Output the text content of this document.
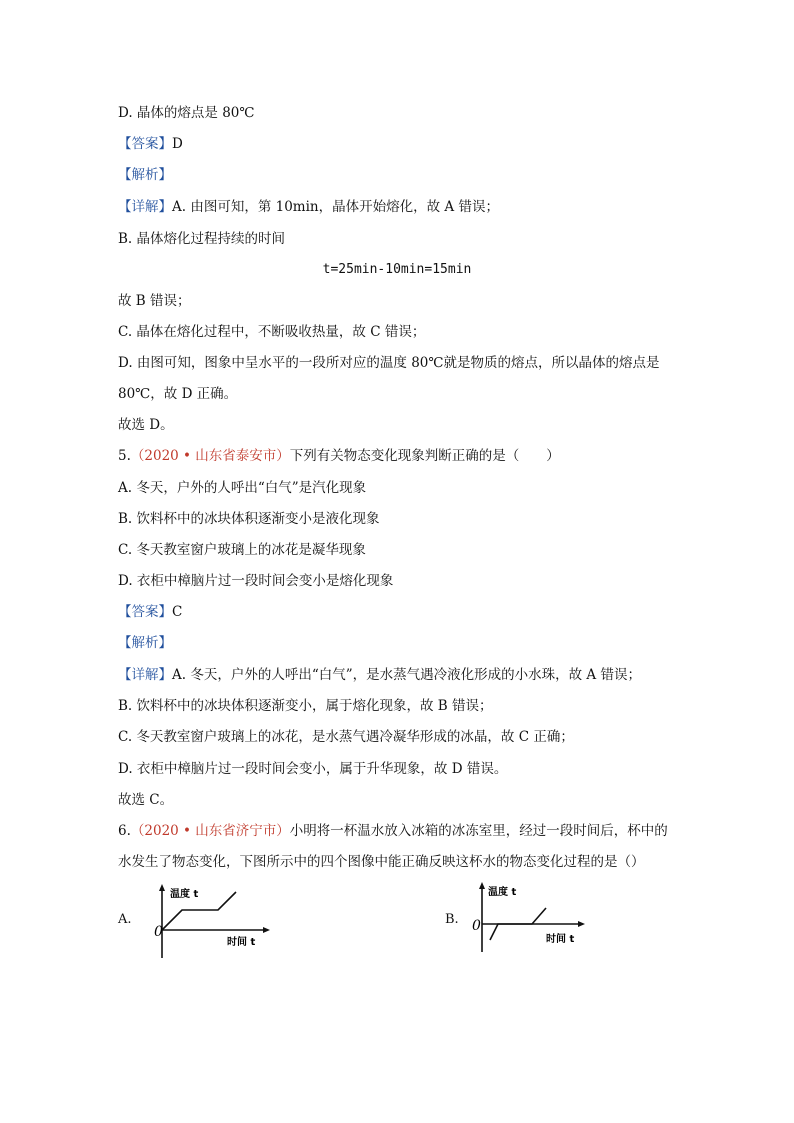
D. 晶体的熔点是 80℃
【答案】D
【解析】
【详解】A. 由图可知，第 10min，晶体开始熔化，故 A 错误；
B. 晶体熔化过程持续的时间
t=25min-10min=15min
故 B 错误；
C. 晶体在熔化过程中，不断吸收热量，故 C 错误；
D. 由图可知，图象中呈水平的一段所对应的温度 80℃就是物质的熔点，所以晶体的熔点是
80℃，故 D 正确。
故选 D。
5.（2020 • 山东省泰安市）下列有关物态变化现象判断正确的是（　　）
A. 冬天，户外的人呼出“白气”是汽化现象
B. 饮料杯中的冰块体积逐渐变小是液化现象
C. 冬天教室窗户玻璃上的冰花是凝华现象
D. 衣柜中樟脑片过一段时间会变小是熔化现象
【答案】C
【解析】
【详解】A. 冬天，户外的人呼出“白气”，是水蒸气遇冷液化形成的小水珠，故 A 错误；
B. 饮料杯中的冰块体积逐渐变小，属于熔化现象，故 B 错误；
C. 冬天教室窗户玻璃上的冰花，是水蒸气遇冷凝华形成的冰晶，故 C 正确；
D. 衣柜中樟脑片过一段时间会变小，属于升华现象，故 D 错误。
故选 C。
6.（2020 • 山东省济宁市）小明将一杯温水放入冰箱的冰冻室里，经过一段时间后，杯中的
水发生了物态变化，下图所示中的四个图像中能正确反映这杯水的物态变化过程的是（）
A.
温度 t
时间 t
0
B.
温度 t
时间 t
0
